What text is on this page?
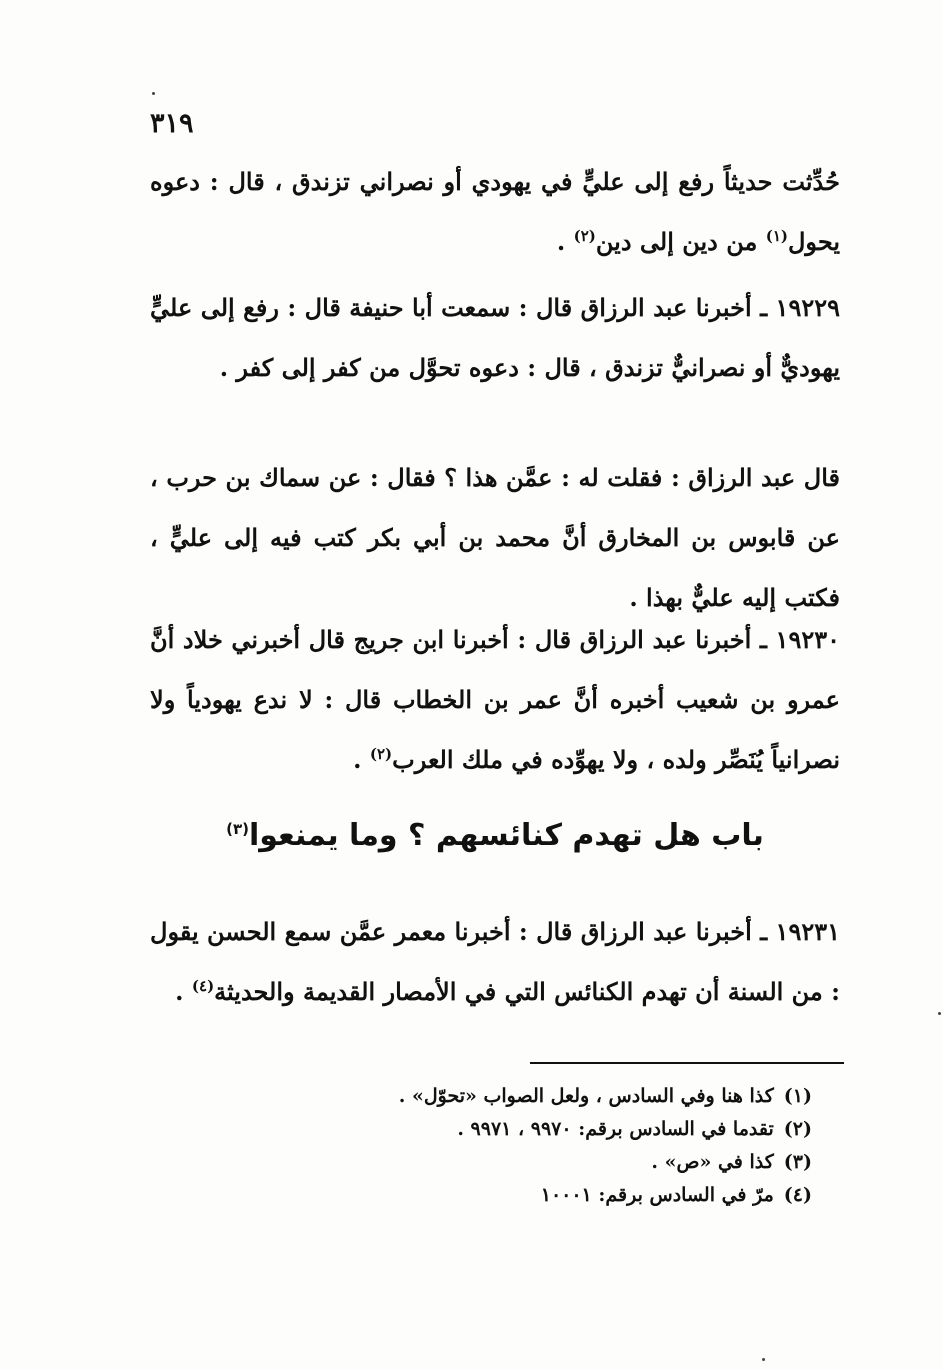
٣١٩
حُدِّثت حديثاً رفع إلى عليٍّ في يهودي أو نصراني تزندق ، قال : دعوه يحول$^{(١)}$ من دين إلى دين$^{(٢)}$ .
١٩٢٢٩ ـ أخبرنا عبد الرزاق قال : سمعت أبا حنيفة قال : رفع إلى عليٍّ يهوديٌّ أو نصرانيٌّ تزندق ، قال : دعوه تحوَّل من كفر إلى كفر .
قال عبد الرزاق : فقلت له : عمَّن هذا ؟ فقال : عن سماك بن حرب ، عن قابوس بن المخارق أنَّ محمد بن أبي بكر كتب فيه إلى عليٍّ ، فكتب إليه عليٌّ بهذا .
١٩٢٣٠ ـ أخبرنا عبد الرزاق قال : أخبرنا ابن جريج قال أخبرني خلاد أنَّ عمرو بن شعيب أخبره أنَّ عمر بن الخطاب قال : لا ندع يهودياً ولا نصرانياً يُنَصِّر ولده ، ولا يهوِّده في ملك العرب$^{(٢)}$ .
باب هل تهدم كنائسهم ؟ وما يمنعوا$^{(٣)}$
١٩٢٣١ ـ أخبرنا عبد الرزاق قال : أخبرنا معمر عمَّن سمع الحسن يقول : من السنة أن تهدم الكنائس التي في الأمصار القديمة والحديثة$^{(٤)}$ .
(١)كذا هنا وفي السادس ، ولعل الصواب «تحوّل» .
(٢)تقدما في السادس برقم: ٩٩٧٠ ، ٩٩٧١ .
(٣)كذا في «ص» .
(٤)مرّ في السادس برقم: ١٠٠٠١
